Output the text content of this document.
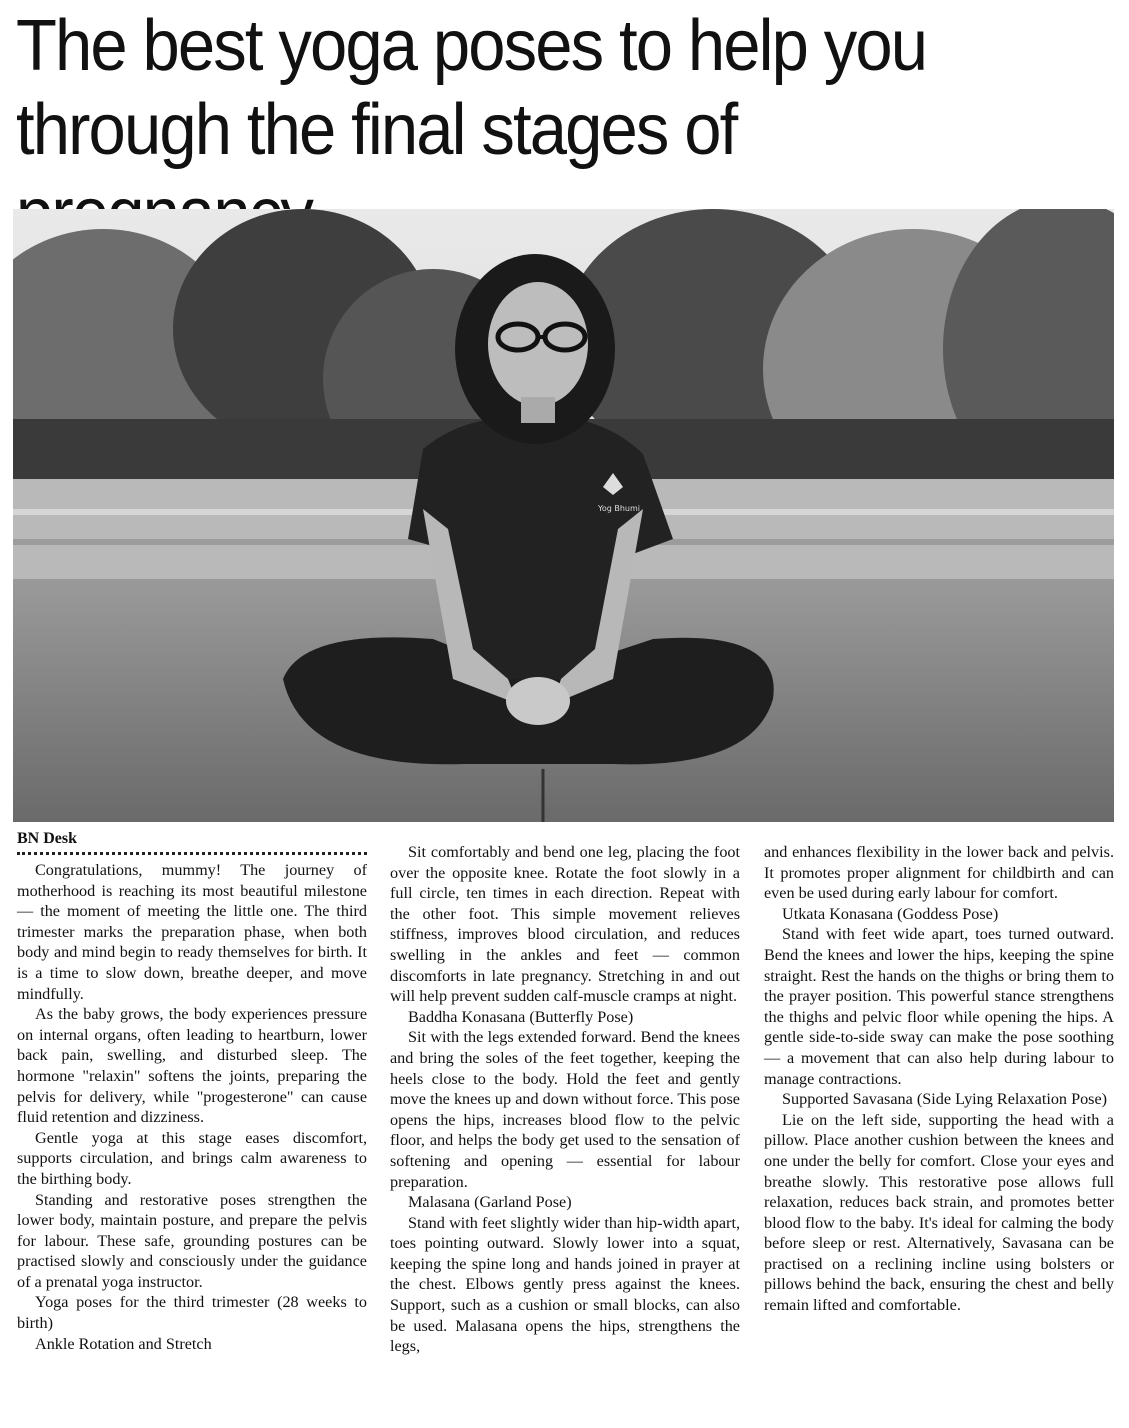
The best yoga poses to help you
through the final stages of
Yog Bhumi
BN Desk

Congratulations, mummy! The journey of motherhood is reaching its most beautiful milestone — the moment of meeting the little one. The third trimester marks the preparation phase, when both body and mind begin to ready themselves for birth. It is a time to slow down, breathe deeper, and move mindfully.

As the baby grows, the body experiences pressure on internal organs, often leading to heartburn, lower back pain, swelling, and disturbed sleep. The hormone "relaxin" softens the joints, preparing the pelvis for delivery, while "progesterone" can cause fluid retention and dizziness.

Gentle yoga at this stage eases discomfort, supports circulation, and brings calm awareness to the birthing body.

Standing and restorative poses strengthen the lower body, maintain posture, and prepare the pelvis for labour. These safe, grounding postures can be practised slowly and consciously under the guidance of a prenatal yoga instructor.

Yoga poses for the third trimester (28 weeks to birth)

Ankle Rotation and Stretch

Sit comfortably and bend one leg, placing the foot over the opposite knee. Rotate the foot slowly in a full circle, ten times in each direction. Repeat with the other foot. This simple movement relieves stiffness, improves blood circulation, and reduces swelling in the ankles and feet — common discomforts in late pregnancy. Stretching in and out will help prevent sudden calf-muscle cramps at night.

Baddha Konasana (Butterfly Pose)

Sit with the legs extended forward. Bend the knees and bring the soles of the feet together, keeping the heels close to the body. Hold the feet and gently move the knees up and down without force. This pose opens the hips, increases blood flow to the pelvic floor, and helps the body get used to the sensation of softening and opening — essential for labour preparation.

Malasana (Garland Pose)

Stand with feet slightly wider than hip-width apart, toes pointing outward. Slowly lower into a squat, keeping the spine long and hands joined in prayer at the chest. Elbows gently press against the knees. Support, such as a cushion or small blocks, can also be used. Malasana opens the hips, strengthens the legs,

and enhances flexibility in the lower back and pelvis. It promotes proper alignment for childbirth and can even be used during early labour for comfort.

Utkata Konasana (Goddess Pose)

Stand with feet wide apart, toes turned outward. Bend the knees and lower the hips, keeping the spine straight. Rest the hands on the thighs or bring them to the prayer position. This powerful stance strengthens the thighs and pelvic floor while opening the hips. A gentle side-to-side sway can make the pose soothing — a movement that can also help during labour to manage contractions.

Supported Savasana (Side Lying Relaxation Pose)

Lie on the left side, supporting the head with a pillow. Place another cushion between the knees and one under the belly for comfort. Close your eyes and breathe slowly. This restorative pose allows full relaxation, reduces back strain, and promotes better blood flow to the baby. It's ideal for calming the body before sleep or rest. Alternatively, Savasana can be practised on a reclining incline using bolsters or pillows behind the back, ensuring the chest and belly remain lifted and comfortable.
